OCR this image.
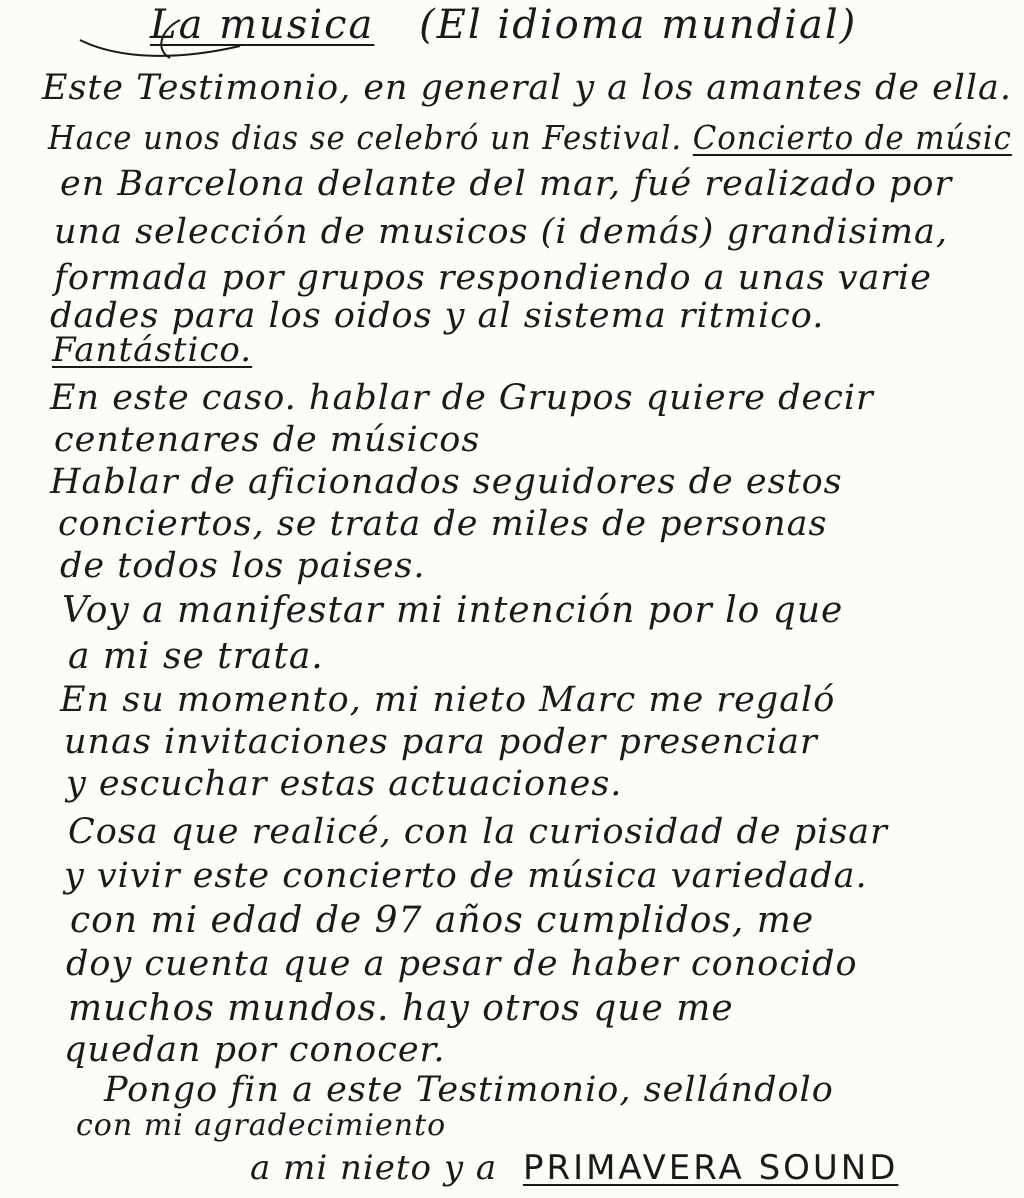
La musica (El idioma mundial)
Este Testimonio, en general y a los amantes de ella.
Hace unos dias se celebró un Festival. Concierto de músic
en Barcelona delante del mar, fué realizado por
una selección de musicos (i demás) grandisima,
formada por grupos respondiendo a unas varie
dades para los oidos y al sistema ritmico.
Fantástico.
En este caso. hablar de Grupos quiere decir
centenares de músicos
Hablar de aficionados seguidores de estos
conciertos, se trata de miles de personas
de todos los paises.
Voy a manifestar mi intención por lo que
a mi se trata.
En su momento, mi nieto Marc me regaló
unas invitaciones para poder presenciar
y escuchar estas actuaciones.
Cosa que realicé, con la curiosidad de pisar
y vivir este concierto de música variedada.
con mi edad de 97 años cumplidos, me
doy cuenta que a pesar de haber conocido
muchos mundos. hay otros que me
quedan por conocer.
Pongo fin a este Testimonio, sellándolo
con mi agradecimiento
a mi nieto y a PRIMAVERA SOUND
